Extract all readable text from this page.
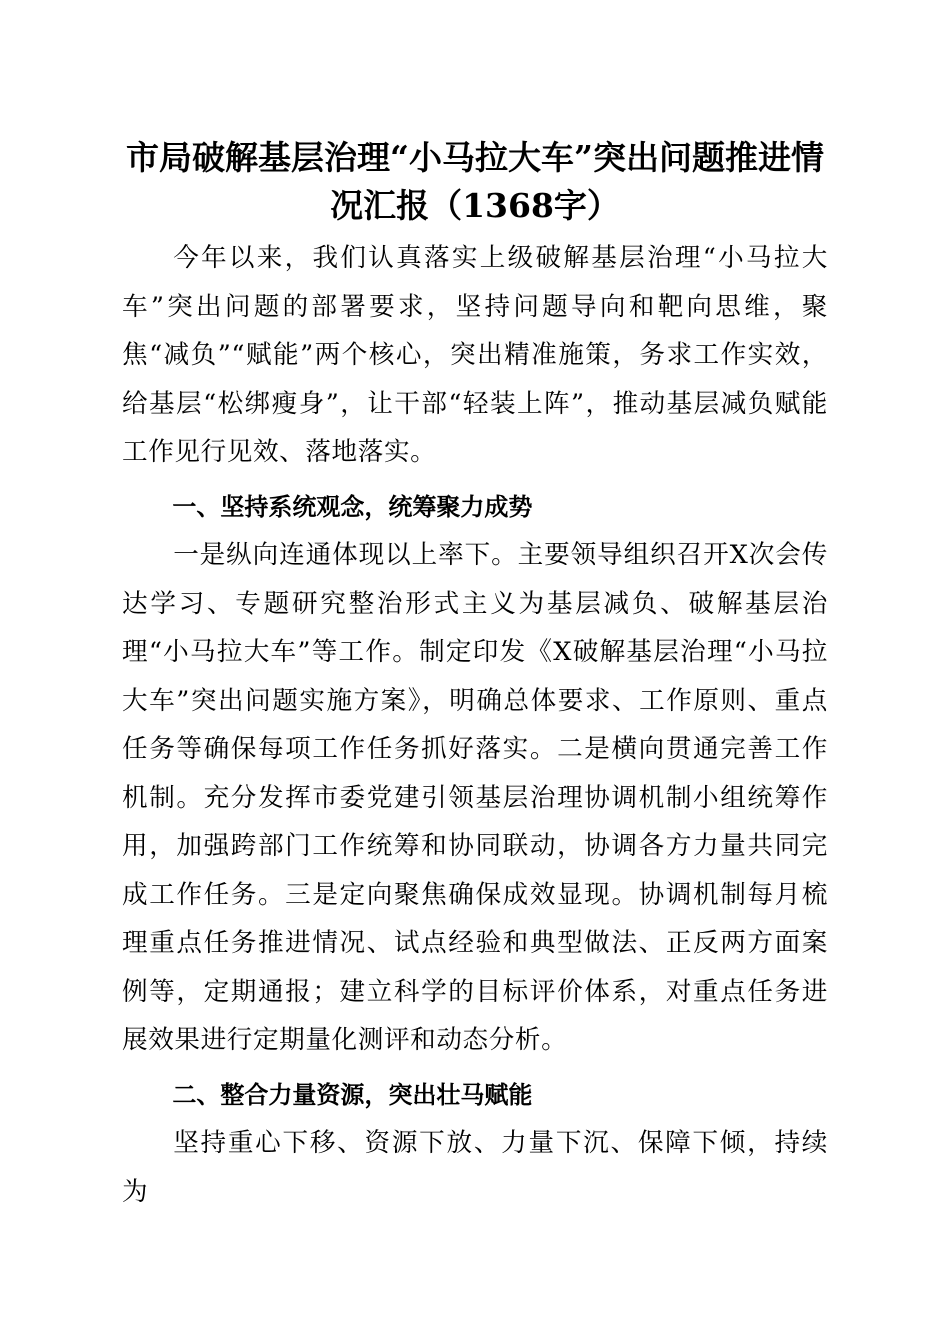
市局破解基层治理“小马拉大车”突出问题推进情况汇报（1368字）

今年以来，我们认真落实上级破解基层治理“小马拉大车”突出问题的部署要求，坚持问题导向和靶向思维，聚焦“减负”“赋能”两个核心，突出精准施策，务求工作实效，给基层“松绑瘦身”，让干部“轻装上阵”，推动基层减负赋能工作见行见效、落地落实。

一、坚持系统观念，统筹聚力成势

一是纵向连通体现以上率下。主要领导组织召开X次会传达学习、专题研究整治形式主义为基层减负、破解基层治理“小马拉大车”等工作。制定印发《X破解基层治理“小马拉大车”突出问题实施方案》，明确总体要求、工作原则、重点任务等确保每项工作任务抓好落实。二是横向贯通完善工作机制。充分发挥市委党建引领基层治理协调机制小组统筹作用，加强跨部门工作统筹和协同联动，协调各方力量共同完成工作任务。三是定向聚焦确保成效显现。协调机制每月梳理重点任务推进情况、试点经验和典型做法、正反两方面案例等，定期通报；建立科学的目标评价体系，对重点任务进展效果进行定期量化测评和动态分析。

二、整合力量资源，突出壮马赋能

坚持重心下移、资源下放、力量下沉、保障下倾，持续为
